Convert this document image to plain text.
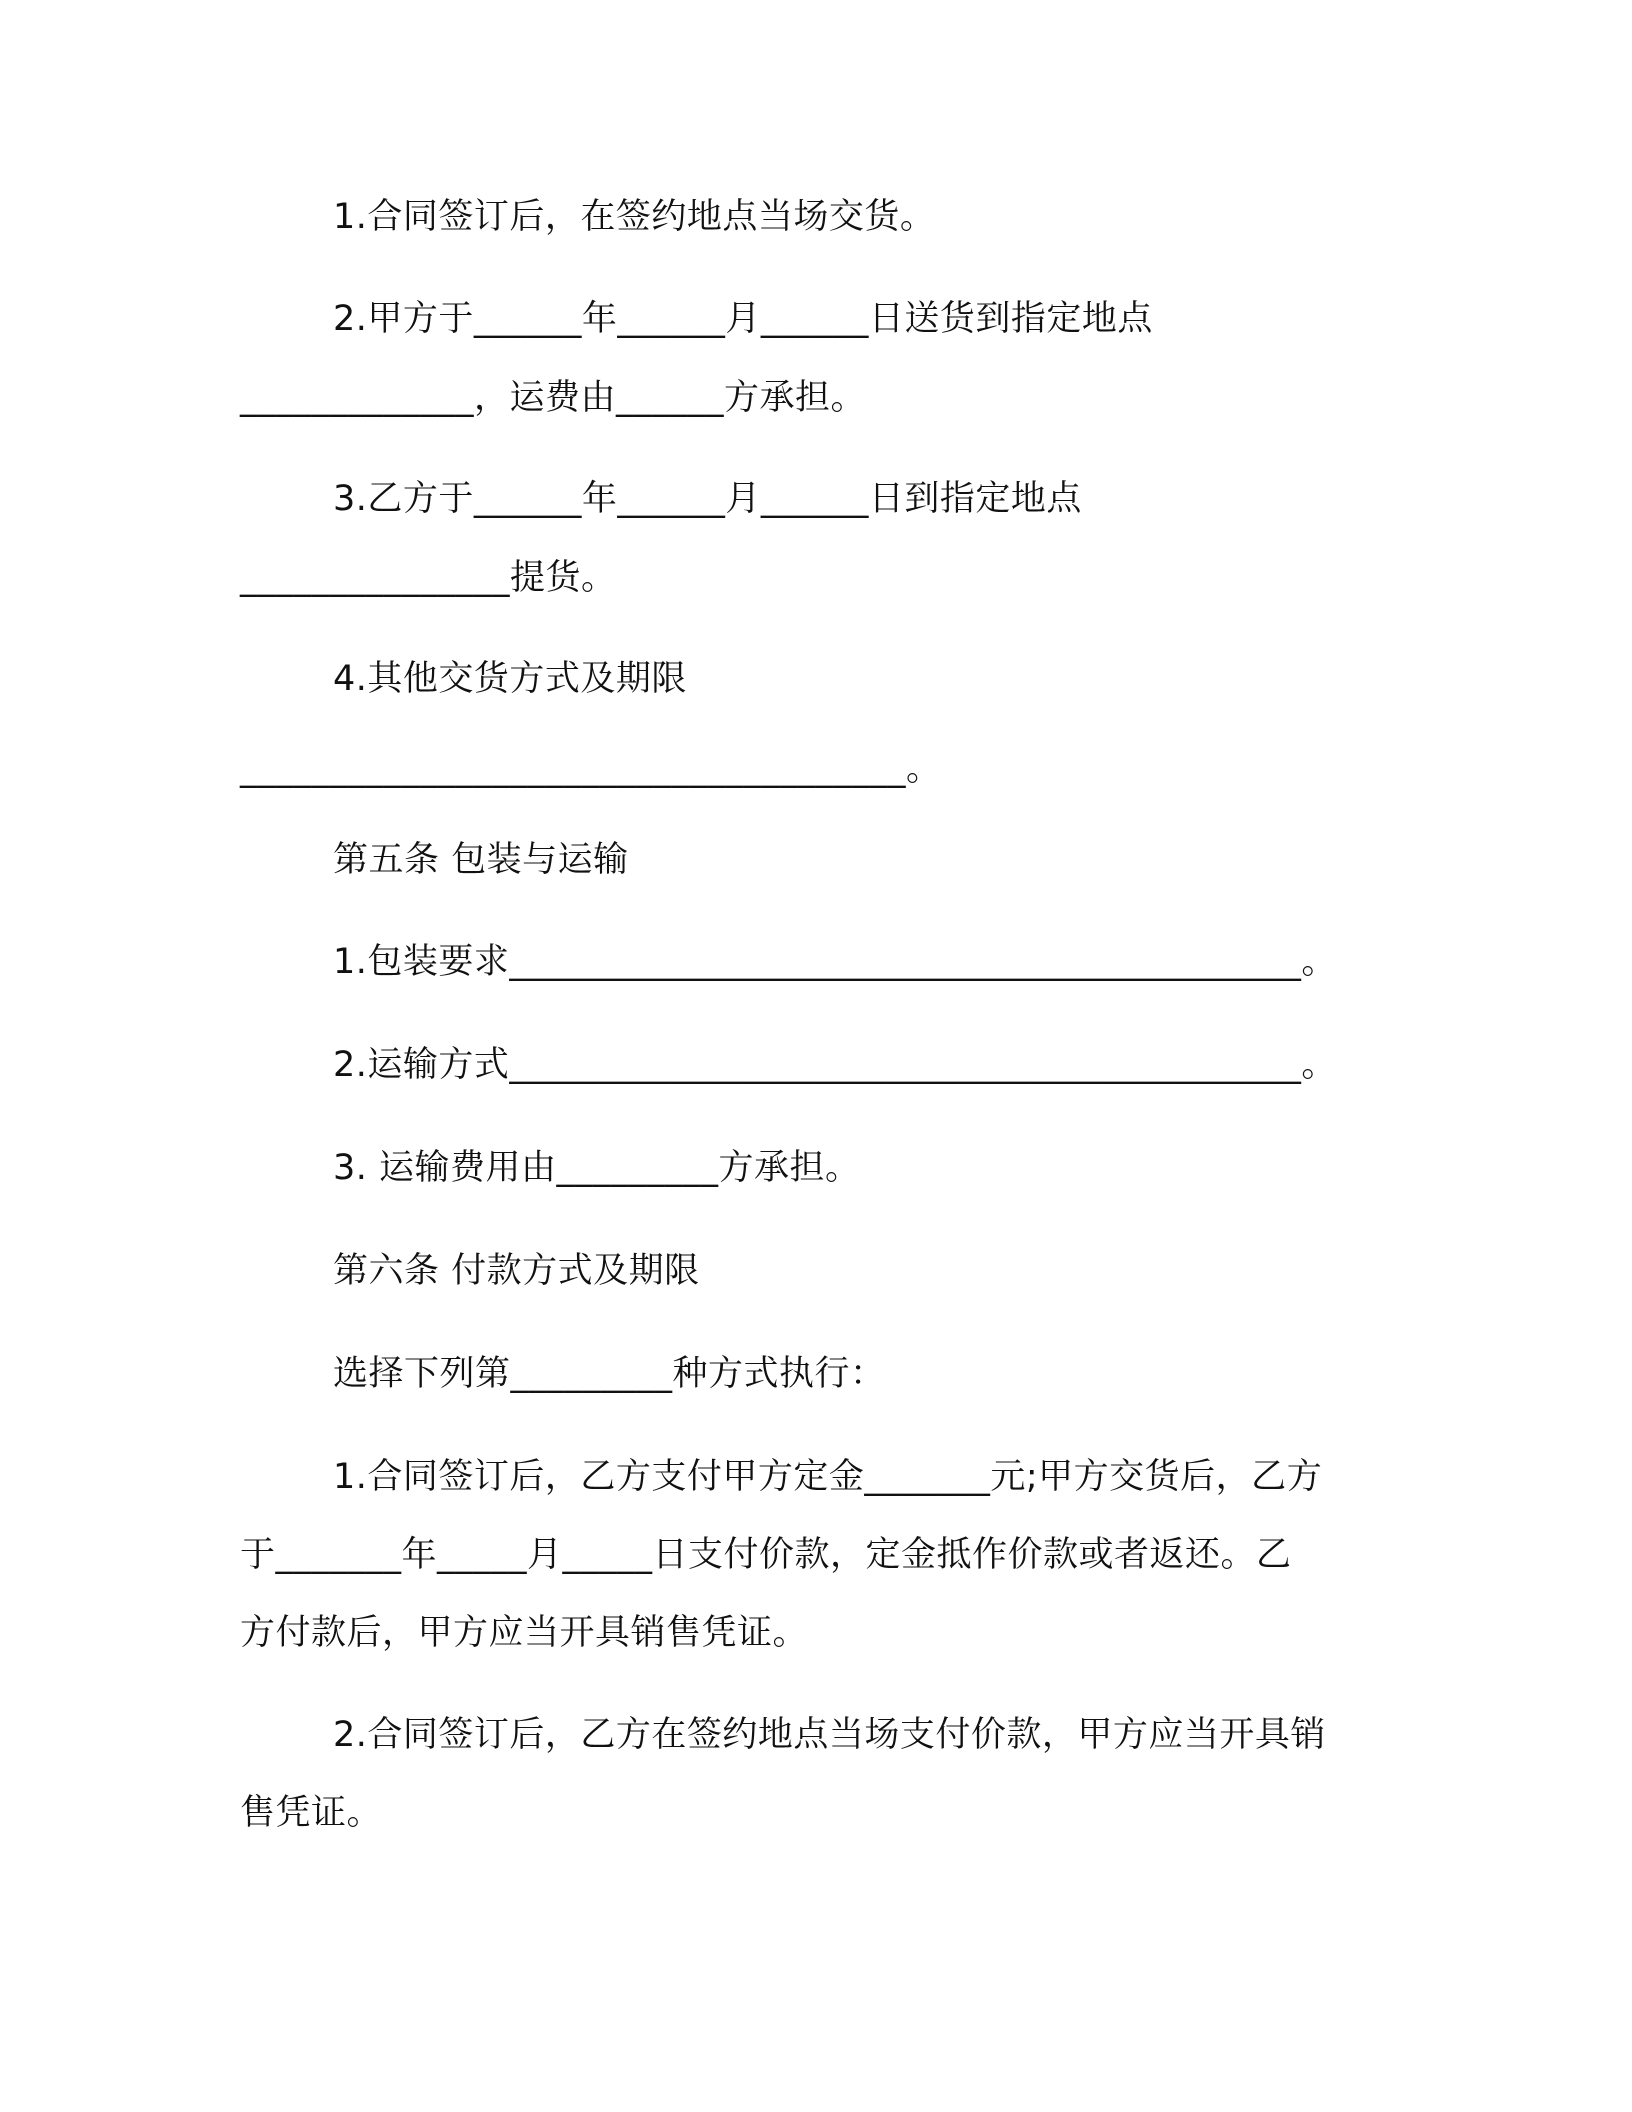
1.合同签订后，在签约地点当场交货。

2.甲方于______年______月______日送货到指定地点

_____________，运费由______方承担。

3.乙方于______年______月______日到指定地点

_______________提货。

4.其他交货方式及期限

_____________________________________。

第五条 包装与运输

1.包装要求____________________________________________。

2.运输方式____________________________________________。

3. 运输费用由_________方承担。

第六条 付款方式及期限

选择下列第_________种方式执行：

1.合同签订后，乙方支付甲方定金_______元;甲方交货后，乙方

于_______年_____月_____日支付价款，定金抵作价款或者返还。乙

方付款后，甲方应当开具销售凭证。

2.合同签订后，乙方在签约地点当场支付价款，甲方应当开具销

售凭证。
